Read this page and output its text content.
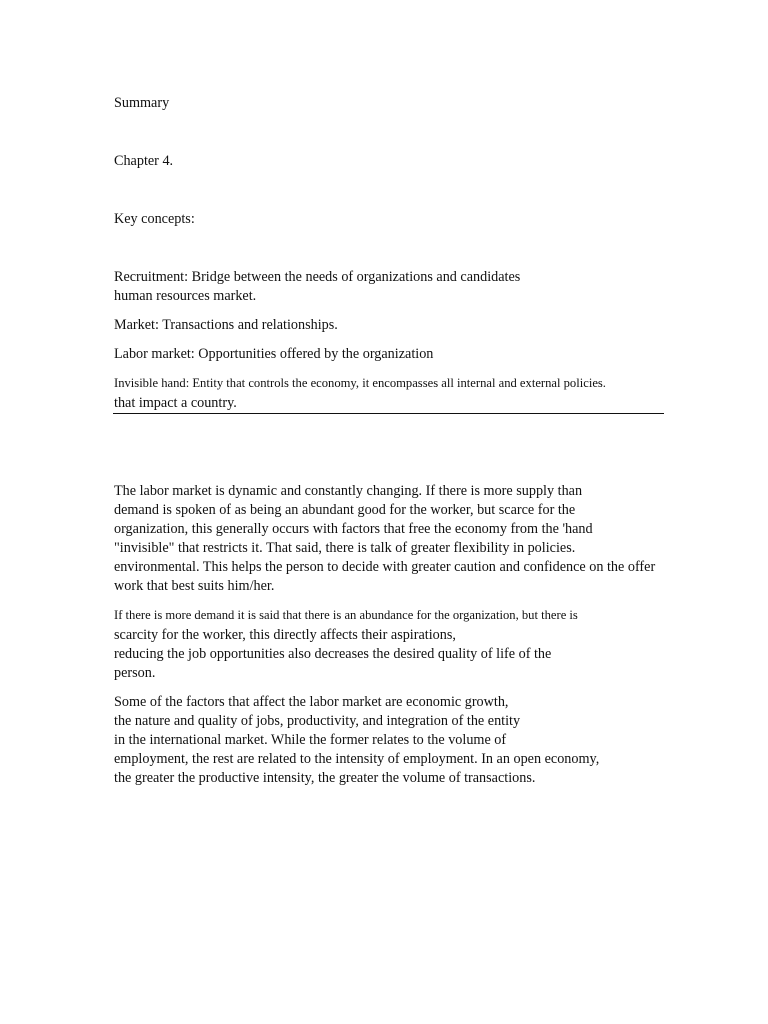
Summary
Chapter 4.
Key concepts:
Recruitment: Bridge between the needs of organizations and candidates
human resources market.
Market: Transactions and relationships.
Labor market: Opportunities offered by the organization
Invisible hand: Entity that controls the economy, it encompasses all internal and external policies.
that impact a country.
The labor market is dynamic and constantly changing. If there is more supply than
demand is spoken of as being an abundant good for the worker, but scarce for the
organization, this generally occurs with factors that free the economy from the 'hand
"invisible" that restricts it. That said, there is talk of greater flexibility in policies.
environmental. This helps the person to decide with greater caution and confidence on the offer
work that best suits him/her.
If there is more demand it is said that there is an abundance for the organization, but there is
scarcity for the worker, this directly affects their aspirations,
reducing the job opportunities also decreases the desired quality of life of the
person.
Some of the factors that affect the labor market are economic growth,
the nature and quality of jobs, productivity, and integration of the entity
in the international market. While the former relates to the volume of
employment, the rest are related to the intensity of employment. In an open economy,
the greater the productive intensity, the greater the volume of transactions.
